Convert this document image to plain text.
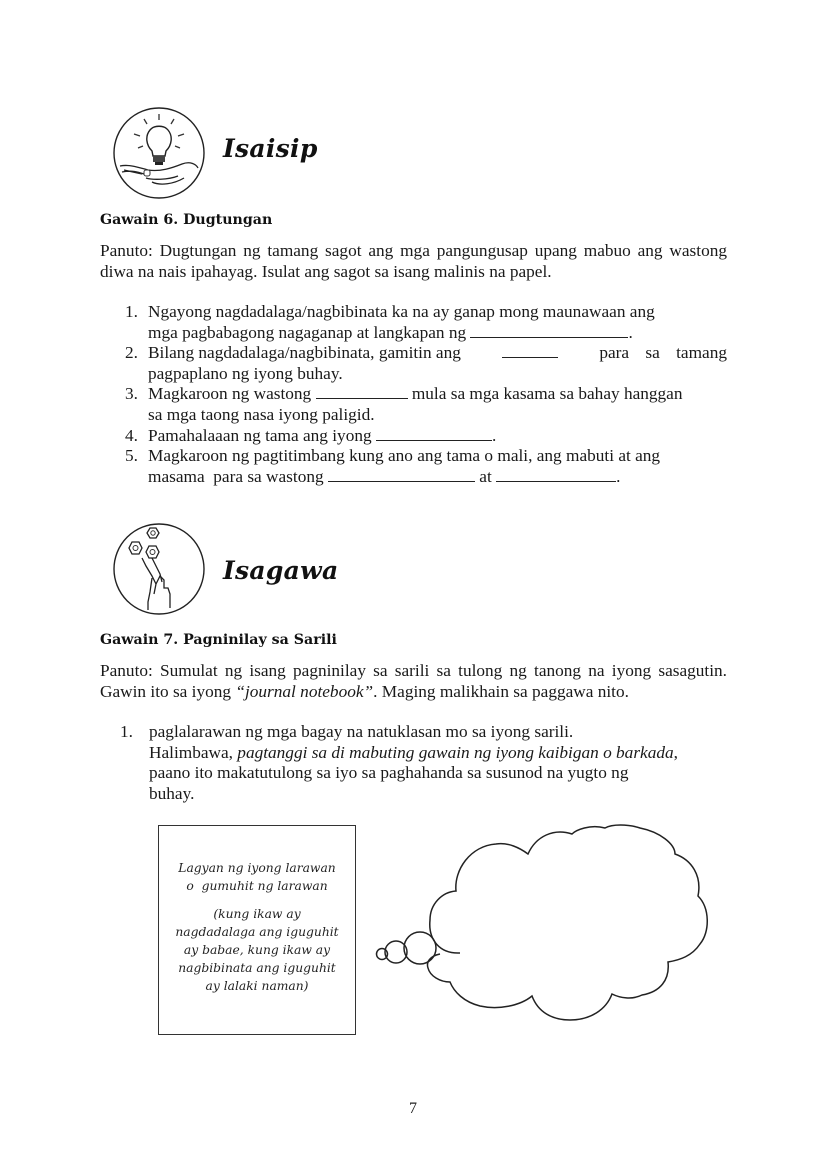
Isaisip
Gawain 6. Dugtungan
Panuto: Dugtungan ng tamang sagot ang mga pangungusap upang mabuo ang wastong diwa na nais ipahayag. Isulat ang sagot sa isang malinis na papel.
1. Ngayong nagdadalaga/nagbibinata ka na ay ganap mong maunawaan ang
mga pagbabagong nagaganap at langkapan ng	.
2. Bilang nagdadalaga/nagbibinata, gamitin ang	para sa tamang
pagpaplano ng iyong buhay.
3. Magkaroon ng wastong	mula sa mga kasama sa bahay hanggan
sa mga taong nasa iyong paligid.
4. Pamahalaaan ng tama ang iyong	.
5. Magkaroon ng pagtitimbang kung ano ang tama o mali, ang mabuti at ang
masama  para sa wastong	at	.
Isagawa
Gawain 7. Pagninilay sa Sarili
Panuto: Sumulat ng isang pagninilay sa sarili sa tulong ng tanong na iyong sasagutin. Gawin ito sa iyong “journal notebook”. Maging malikhain sa paggawa nito.
1. paglalarawan ng mga bagay na natuklasan mo sa iyong sarili.
Halimbawa, pagtanggi sa di mabuting gawain ng iyong kaibigan o barkada,
paano ito makatutulong sa iyo sa paghahanda sa susunod na yugto ng
buhay.
Lagyan ng iyong larawan
o  gumuhit ng larawan
(kung ikaw ay
nagdadalaga ang iguguhit
ay babae, kung ikaw ay
nagbibinata ang iguguhit
ay lalaki naman)
7
